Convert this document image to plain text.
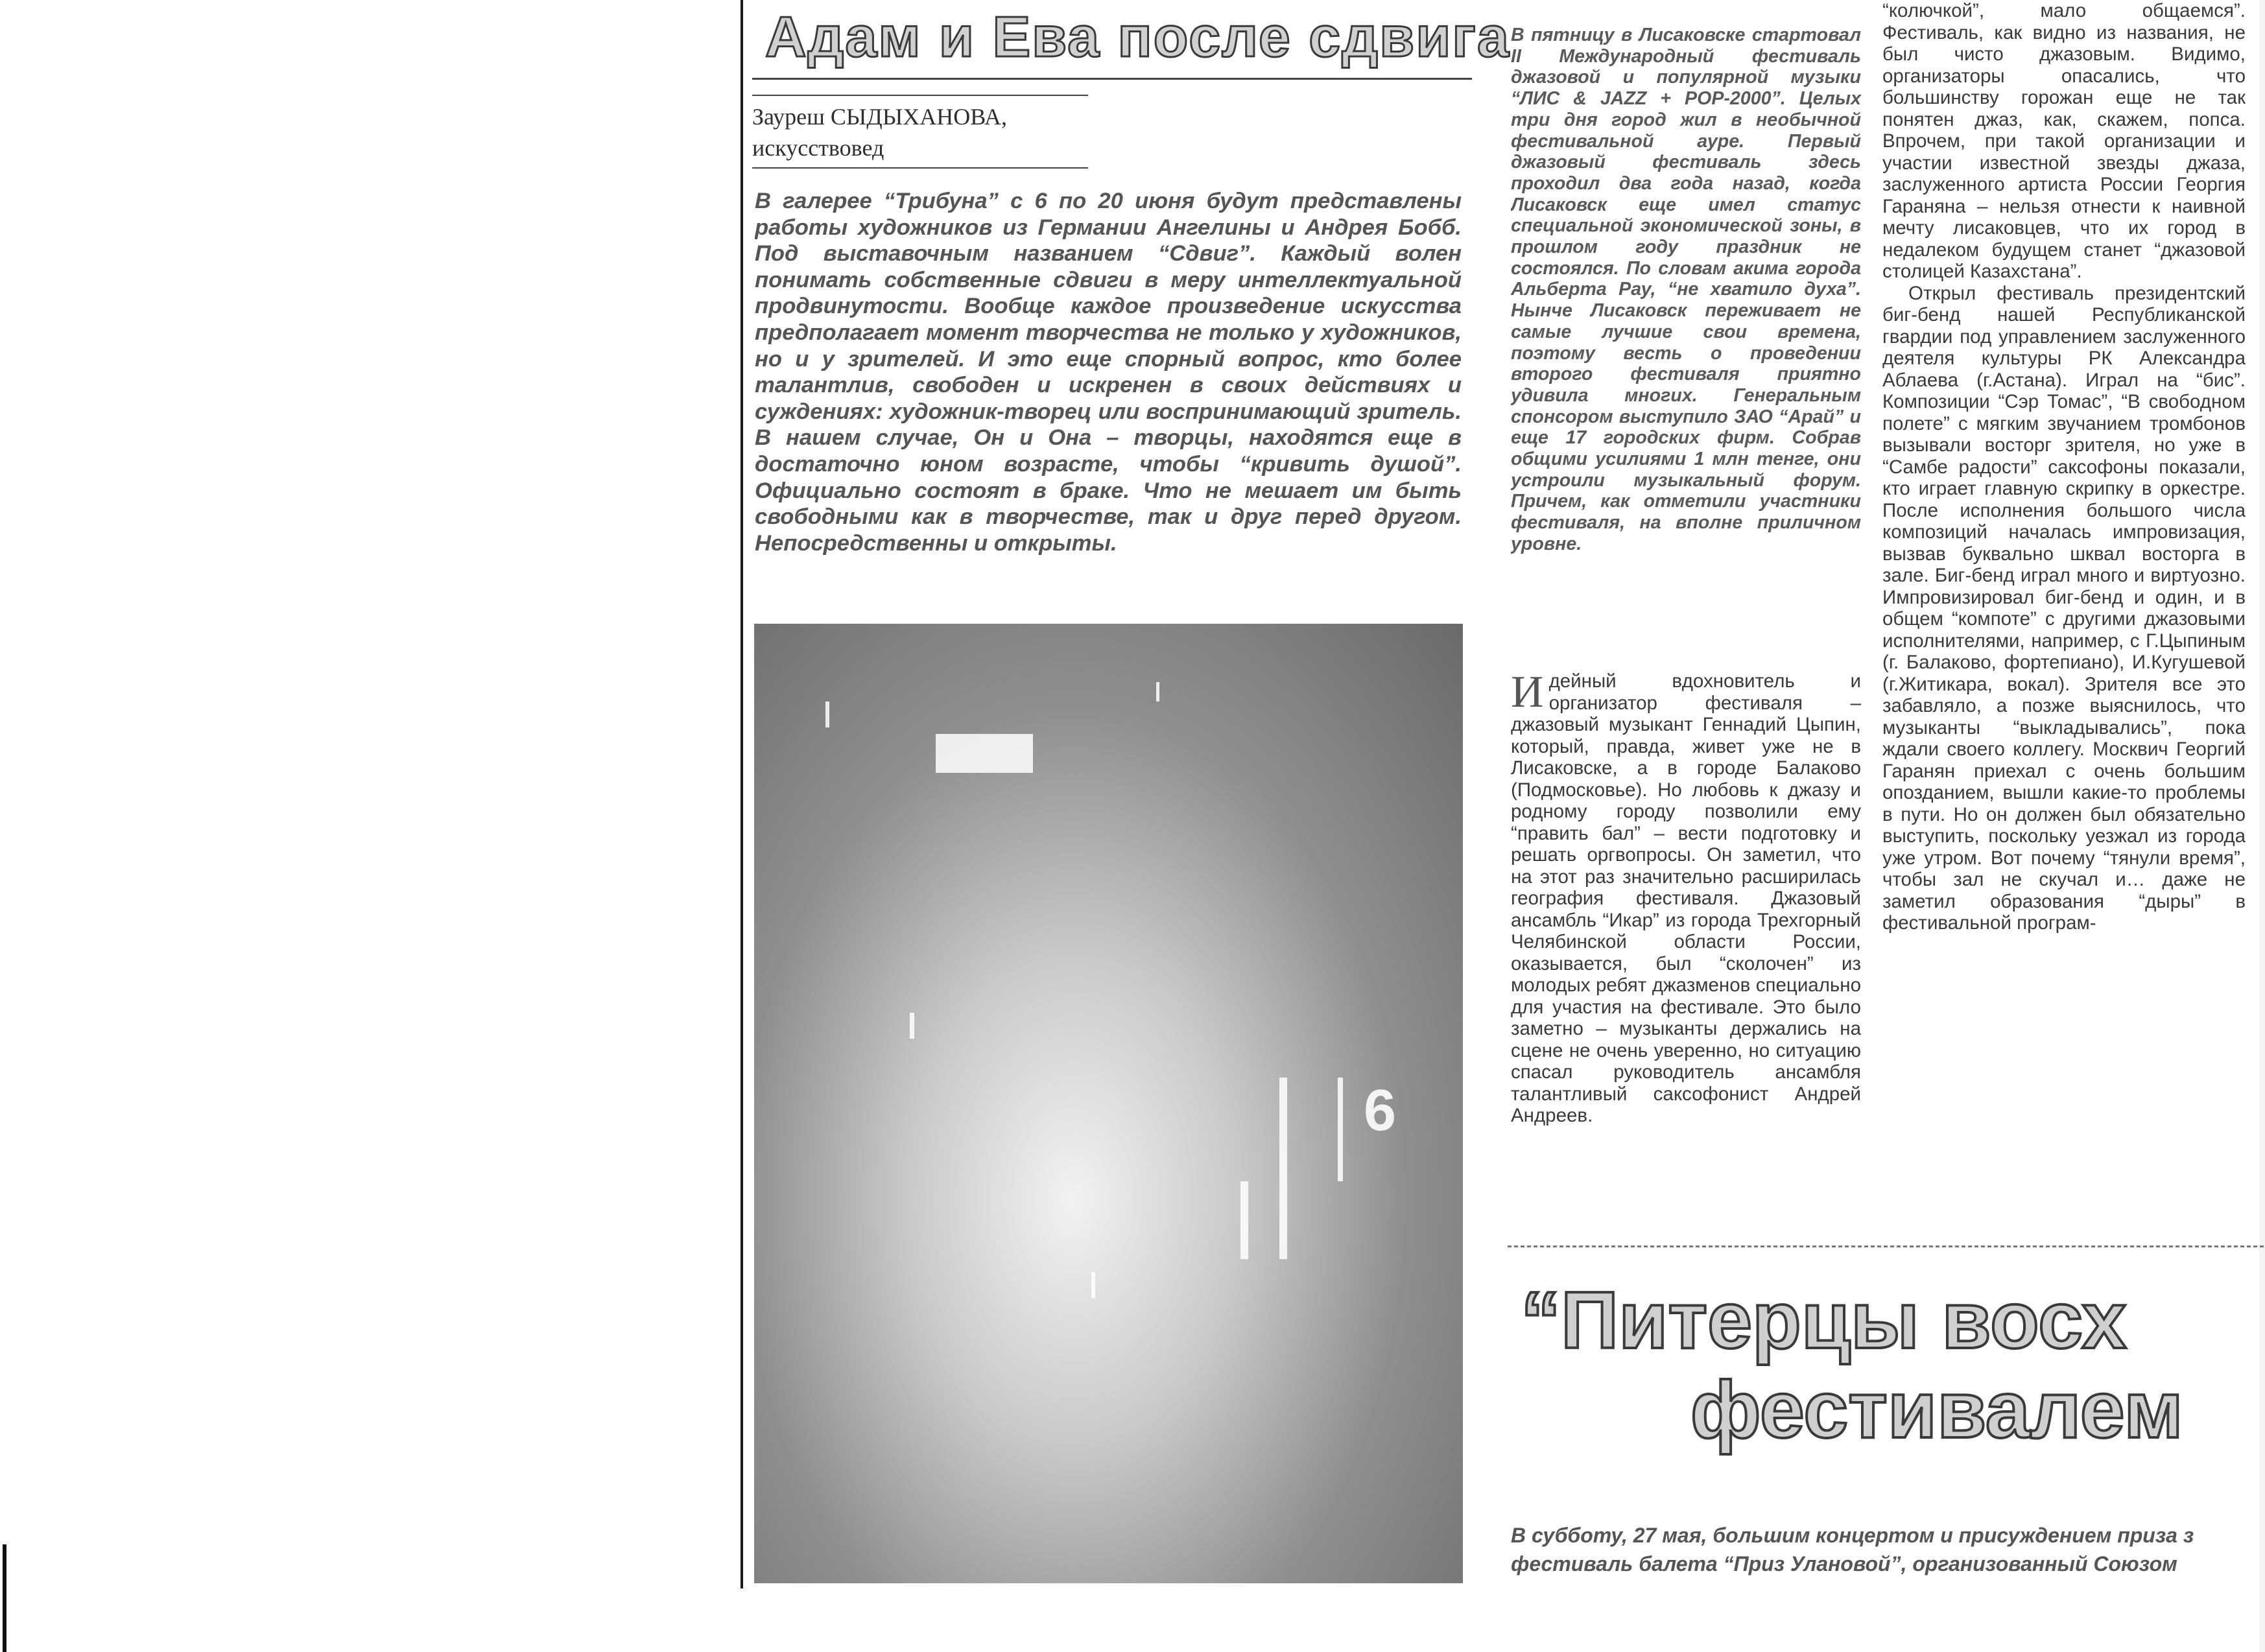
Адам и Ева после сдвига
Зауреш СЫДЫХАНОВА,
искусствовед
В галерее “Трибуна” с 6 по 20 июня будут представлены работы художников из Германии Ангелины и Андрея Бобб. Под выставочным названием “Сдвиг”. Каждый волен понимать собственные сдвиги в меру интеллектуальной продвинутости. Вообще каждое произведение искусства предполагает момент творчества не только у художников, но и у зрителей. И это еще спорный вопрос, кто более талантлив, свободен и искренен в своих действиях и суждениях: художник-творец или воспринимающий зритель. В нашем случае, Он и Она – творцы, находятся еще в достаточно юном возрасте, чтобы “кривить душой”. Официально состоят в браке. Что не мешает им быть свободными как в творчестве, так и друг перед другом.
Непосредственны и открыты.
6
В пятницу в Лисаковске стартовал II Международный фестиваль джазовой и популярной музыки “ЛИС & JAZZ + POP-2000”. Целых три дня город жил в необычной фестивальной ауре. Первый джазовый фестиваль здесь проходил два года назад, когда Лисаковск еще имел статус специальной экономической зоны, в прошлом году праздник не состоялся. По словам акима города Альберта Рау, “не хватило духа”. Нынче Лисаковск переживает не самые лучшие свои времена, поэтому весть о проведении второго фестиваля приятно удивила многих. Генеральным спонсором выступило ЗАО “Арай” и еще 17 городских фирм. Собрав общими усилиями 1 млн тенге, они устроили музыкальный форум. Причем, как отметили участники фестиваля, на вполне приличном уровне.
И дейный вдохновитель и организатор фестиваля – джазовый музыкант Геннадий Цыпин, который, правда, живет уже не в Лисаковске, а в городе Балаково (Подмосковье). Но любовь к джазу и родному городу позволили ему “править бал” – вести подготовку и решать оргвопросы. Он заметил, что на этот раз значительно расширилась география фестиваля. Джазовый ансамбль “Икар” из города Трехгорный Челябинской области России, оказывается, был “сколочен” из молодых ребят джазменов специально для участия на фестивале. Это было заметно – музыканты держались на сцене не очень уверенно, но ситуацию спасал руководитель ансамбля талантливый саксофонист Андрей Андреев.
“колючкой”, мало общаемся”. Фестиваль, как видно из названия, не был чисто джазовым. Видимо, организаторы опасались, что большинству горожан еще не так понятен джаз, как, скажем, попса. Впрочем, при такой организации и участии известной звезды джаза, заслуженного артиста России Георгия Гараняна – нельзя отнести к наивной мечту лисаковцев, что их город в недалеком будущем станет “джазовой столицей Казахстана”.
Открыл фестиваль президентский биг-бенд нашей Республиканской гвардии под управлением заслуженного деятеля культуры РК Александра Аблаева (г.Астана). Играл на “бис”. Композиции “Сэр Томас”, “В свободном полете” с мягким звучанием тромбонов вызывали восторг зрителя, но уже в “Самбе радости” саксофоны показали, кто играет главную скрипку в оркестре. После исполнения большого числа композиций началась импровизация, вызвав буквально шквал восторга в зале. Биг-бенд играл много и виртуозно. Импровизировал биг-бенд и один, и в общем “компоте” с другими джазовыми исполнителями, например, с Г.Цыпиным (г. Балаково, фортепиано), И.Кугушевой (г.Житикара, вокал). Зрителя все это забавляло, а позже выяснилось, что музыканты “выкладывались”, пока ждали своего коллегу. Москвич Георгий Гаранян приехал с очень большим опозданием, вышли какие-то проблемы в пути. Но он должен был обязательно выступить, поскольку уезжал из города уже утром. Вот почему “тянули время”, чтобы зал не скучал и… даже не заметил образования “дыры” в фестивальной програм-
“Питерцы восх
фестивалем
В субботу, 27 мая, большим концертом и присуждением приза з
фестиваль балета “Приз Улановой”, организованный Союзом
